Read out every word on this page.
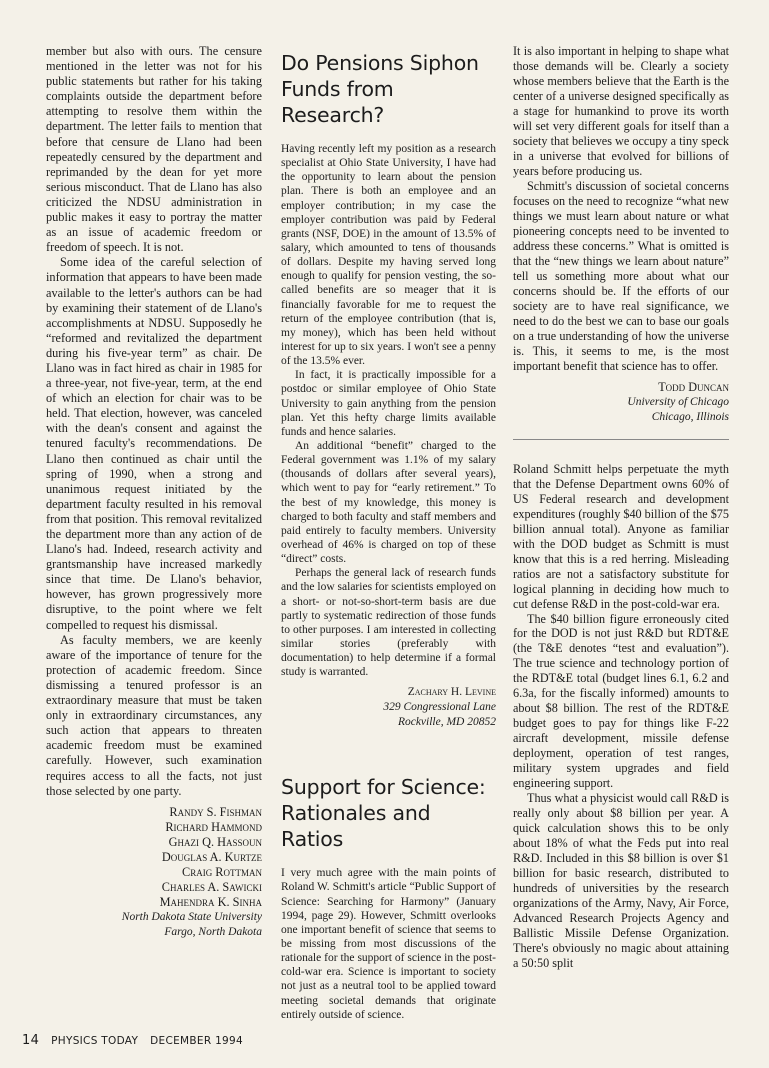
member but also with ours. The censure mentioned in the letter was not for his public statements but rather for his taking complaints outside the department before attempting to resolve them within the department. The letter fails to mention that before that censure de Llano had been repeatedly censured by the department and reprimanded by the dean for yet more serious misconduct. That de Llano has also criticized the NDSU administration in public makes it easy to portray the matter as an issue of academic freedom or freedom of speech. It is not.

Some idea of the careful selection of information that appears to have been made available to the letter's authors can be had by examining their statement of de Llano's accomplishments at NDSU. Supposedly he “reformed and revitalized the department during his five-year term” as chair. De Llano was in fact hired as chair in 1985 for a three-year, not five-year, term, at the end of which an election for chair was to be held. That election, however, was canceled with the dean's consent and against the tenured faculty's recommendations. De Llano then continued as chair until the spring of 1990, when a strong and unanimous request initiated by the department faculty resulted in his removal from that position. This removal revitalized the department more than any action of de Llano's had. Indeed, research activity and grantsmanship have increased markedly since that time. De Llano's behavior, however, has grown progressively more disruptive, to the point where we felt compelled to request his dismissal.

As faculty members, we are keenly aware of the importance of tenure for the protection of academic freedom. Since dismissing a tenured professor is an extraordinary measure that must be taken only in extraordinary circumstances, any such action that appears to threaten academic freedom must be examined carefully. However, such examination requires access to all the facts, not just those selected by one party.

Randy S. Fishman
Richard Hammond
Ghazi Q. Hassoun
Douglas A. Kurtze
Craig Rottman
Charles A. Sawicki
Mahendra K. Sinha
North Dakota State University
Fargo, North Dakota
Do Pensions Siphon Funds from Research?

Having recently left my position as a research specialist at Ohio State University, I have had the opportunity to learn about the pension plan. There is both an employee and an employer contribution; in my case the employer contribution was paid by Federal grants (NSF, DOE) in the amount of 13.5% of salary, which amounted to tens of thousands of dollars. Despite my having served long enough to qualify for pension vesting, the so-called benefits are so meager that it is financially favorable for me to request the return of the employee contribution (that is, my money), which has been held without interest for up to six years. I won't see a penny of the 13.5% ever.

In fact, it is practically impossible for a postdoc or similar employee of Ohio State University to gain anything from the pension plan. Yet this hefty charge limits available funds and hence salaries.

An additional “benefit” charged to the Federal government was 1.1% of my salary (thousands of dollars after several years), which went to pay for “early retirement.” To the best of my knowledge, this money is charged to both faculty and staff members and paid entirely to faculty members. University overhead of 46% is charged on top of these “direct” costs.

Perhaps the general lack of research funds and the low salaries for scientists employed on a short- or not-so-short-term basis are due partly to systematic redirection of those funds to other purposes. I am interested in collecting similar stories (preferably with documentation) to help determine if a formal study is warranted.

Zachary H. Levine
329 Congressional Lane
Rockville, MD 20852
Support for Science: Rationales and Ratios

I very much agree with the main points of Roland W. Schmitt's article “Public Support of Science: Searching for Harmony” (January 1994, page 29). However, Schmitt overlooks one important benefit of science that seems to be missing from most discussions of the rationale for the support of science in the post-cold-war era. Science is important to society not just as a neutral tool to be applied toward meeting societal demands that originate entirely outside of science.

It is also important in helping to shape what those demands will be. Clearly a society whose members believe that the Earth is the center of a universe designed specifically as a stage for humankind to prove its worth will set very different goals for itself than a society that believes we occupy a tiny speck in a universe that evolved for billions of years before producing us.

Schmitt's discussion of societal concerns focuses on the need to recognize “what new things we must learn about nature or what pioneering concepts need to be invented to address these concerns.” What is omitted is that the “new things we learn about nature” tell us something more about what our concerns should be. If the efforts of our society are to have real significance, we need to do the best we can to base our goals on a true understanding of how the universe is. This, it seems to me, is the most important benefit that science has to offer.

Todd Duncan
University of Chicago
Chicago, Illinois

Roland Schmitt helps perpetuate the myth that the Defense Department owns 60% of US Federal research and development expenditures (roughly $40 billion of the $75 billion annual total). Anyone as familiar with the DOD budget as Schmitt is must know that this is a red herring. Misleading ratios are not a satisfactory substitute for logical planning in deciding how much to cut defense R&D in the post-cold-war era.

The $40 billion figure erroneously cited for the DOD is not just R&D but RDT&E (the T&E denotes “test and evaluation”). The true science and technology portion of the RDT&E total (budget lines 6.1, 6.2 and 6.3a, for the fiscally informed) amounts to about $8 billion. The rest of the RDT&E budget goes to pay for things like F-22 aircraft development, missile defense deployment, operation of test ranges, military system upgrades and field engineering support.

Thus what a physicist would call R&D is really only about $8 billion per year. A quick calculation shows this to be only about 18% of what the Feds put into real R&D. Included in this $8 billion is over $1 billion for basic research, distributed to hundreds of universities by the research organizations of the Army, Navy, Air Force, Advanced Research Projects Agency and Ballistic Missile Defense Organization. There's obviously no magic about attaining a 50:50 split

14 PHYSICS TODAY DECEMBER 1994
